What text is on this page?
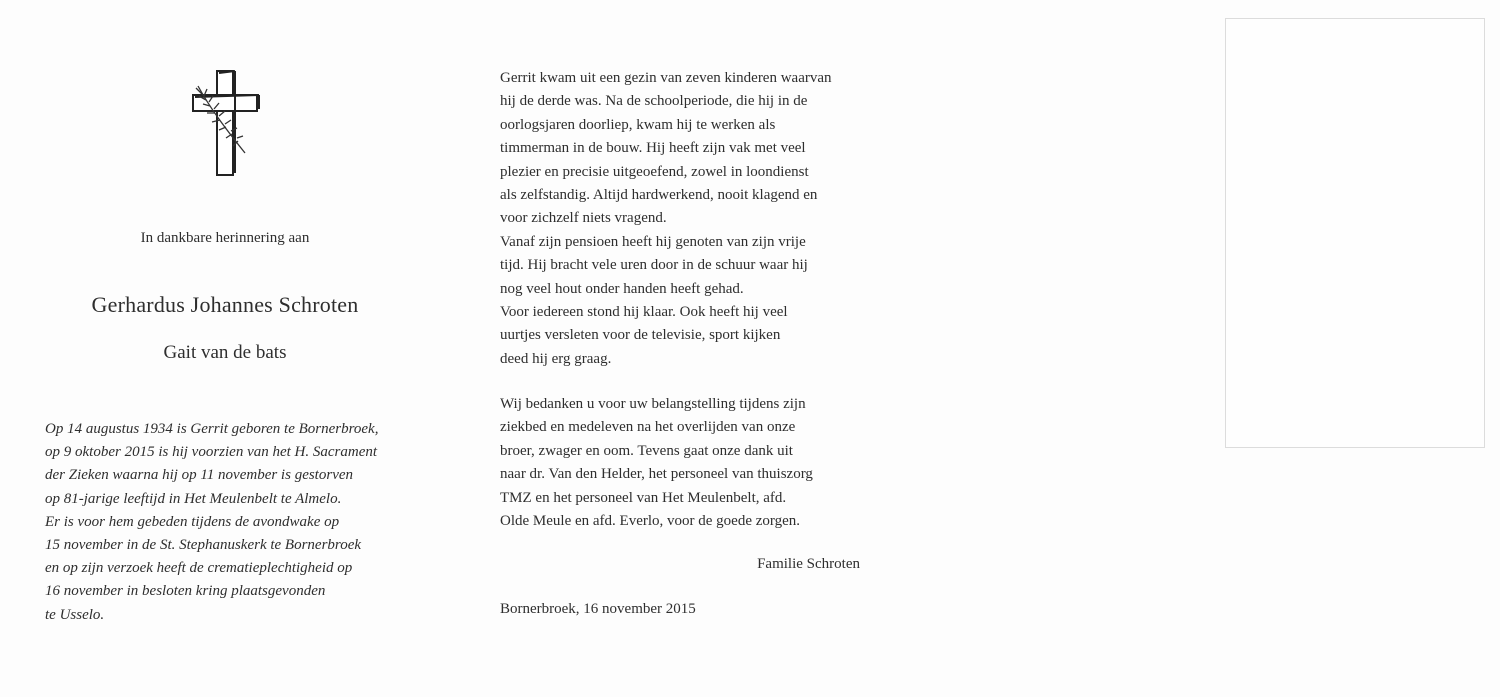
In dankbare herinnering aan
Gerhardus Johannes Schroten
Gait van de bats
Op 14 augustus 1934 is Gerrit geboren te Bornerbroek,
op 9 oktober 2015 is hij voorzien van het H. Sacrament
der Zieken waarna hij op 11 november is gestorven
op 81-jarige leeftijd in Het Meulenbelt te Almelo.
Er is voor hem gebeden tijdens de avondwake op
15 november in de St. Stephanuskerk te Bornerbroek
en op zijn verzoek heeft de crematieplechtigheid op
16 november in besloten kring plaatsgevonden
te Usselo.
Gerrit kwam uit een gezin van zeven kinderen waarvan
hij de derde was. Na de schoolperiode, die hij in de
oorlogsjaren doorliep, kwam hij te werken als
timmerman in de bouw. Hij heeft zijn vak met veel
plezier en precisie uitgeoefend, zowel in loondienst
als zelfstandig. Altijd hardwerkend, nooit klagend en
voor zichzelf niets vragend.
Vanaf zijn pensioen heeft hij genoten van zijn vrije
tijd. Hij bracht vele uren door in de schuur waar hij
nog veel hout onder handen heeft gehad.
Voor iedereen stond hij klaar. Ook heeft hij veel
uurtjes versleten voor de televisie, sport kijken
deed hij erg graag.
Wij bedanken u voor uw belangstelling tijdens zijn
ziekbed en medeleven na het overlijden van onze
broer, zwager en oom. Tevens gaat onze dank uit
naar dr. Van den Helder, het personeel van thuiszorg
TMZ en het personeel van Het Meulenbelt, afd.
Olde Meule en afd. Everlo, voor de goede zorgen.
Familie Schroten
Bornerbroek, 16 november 2015
